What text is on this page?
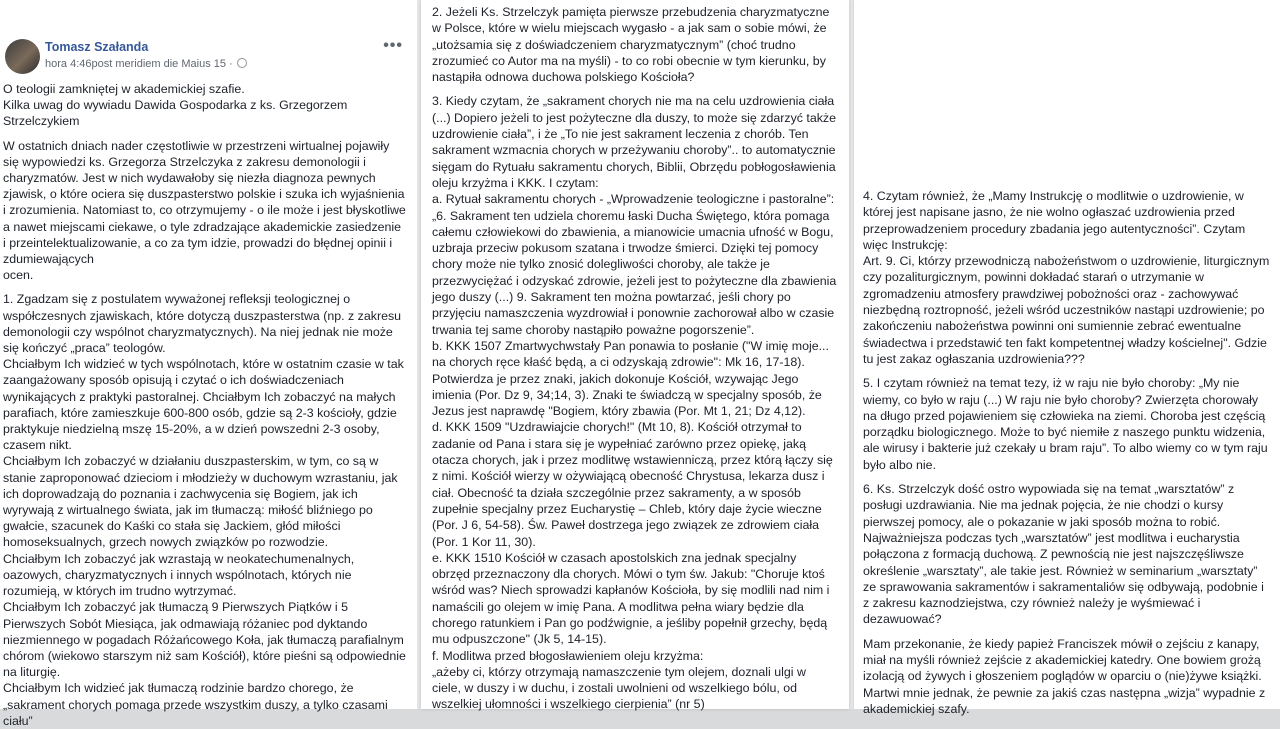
Tomasz Szałanda
hora 4:46post meridiem die Maius 15 ·
•••
O teologii zamkniętej w akademickiej szafie.
Kilka uwag do wywiadu Dawida Gospodarka z ks. Grzegorzem Strzelczykiem
W ostatnich dniach nader częstotliwie w przestrzeni wirtualnej pojawiły się wypowiedzi ks. Grzegorza Strzelczyka z zakresu demonologii i charyzmatów. Jest w nich wydawałoby się niezła diagnoza pewnych zjawisk, o które ociera się duszpasterstwo polskie i szuka ich wyjaśnienia i zrozumienia. Natomiast to, co otrzymujemy - o ile może i jest błyskotliwe a nawet miejscami ciekawe, o tyle zdradzające akademickie zasiedzenie i przeintelektualizowanie, a co za tym idzie, prowadzi do błędnej opinii i zdumiewających
ocen.
1. Zgadzam się z postulatem wyważonej refleksji teologicznej o współczesnych zjawiskach, które dotyczą duszpasterstwa (np. z zakresu demonologii czy wspólnot charyzmatycznych). Na niej jednak nie może się kończyć „praca” teologów.
Chciałbym Ich widzieć w tych wspólnotach, które w ostatnim czasie w tak zaangażowany sposób opisują i czytać o ich doświadczeniach wynikających z praktyki pastoralnej. Chciałbym Ich zobaczyć na małych parafiach, które zamieszkuje 600-800 osób, gdzie są 2-3 kościoły, gdzie praktykuje niedzielną mszę 15-20%, a w dzień powszedni 2-3 osoby, czasem nikt.
Chciałbym Ich zobaczyć w działaniu duszpasterskim, w tym, co są w stanie zaproponować dzieciom i młodzieży w duchowym wzrastaniu, jak ich doprowadzają do poznania i zachwycenia się Bogiem, jak ich wyrywają z wirtualnego świata, jak im tłumaczą: miłość bliźniego po gwałcie, szacunek do Kaśki co stała się Jackiem, głód miłości homoseksualnych, grzech nowych związków po rozwodzie.
Chciałbym Ich zobaczyć jak wzrastają w neokatechumenalnych, oazowych, charyzmatycznych i innych wspólnotach, których nie rozumieją, w których im trudno wytrzymać.
Chciałbym Ich zobaczyć jak tłumaczą 9 Pierwszych Piątków i 5 Pierwszych Sobót Miesiąca, jak odmawiają różaniec pod dyktando niezmiennego w pogadach Różańcowego Koła, jak tłumaczą parafialnym chórom (wiekowo starszym niż sam Kościół), które pieśni są odpowiednie na liturgię.
Chciałbym Ich widzieć jak tłumaczą rodzinie bardzo chorego, że „sakrament chorych pomaga przede wszystkim duszy, a tylko czasami ciału”
2. Jeżeli Ks. Strzelczyk pamięta pierwsze przebudzenia charyzmatyczne w Polsce, które w wielu miejscach wygasło - a jak sam o sobie mówi, że „utożsamia się z doświadczeniem charyzmatycznym” (choć trudno zrozumieć co Autor ma na myśli) - to co robi obecnie w tym kierunku, by nastąpiła odnowa duchowa polskiego Kościoła?
3. Kiedy czytam, że „sakrament chorych nie ma na celu uzdrowienia ciała (...) Dopiero jeżeli to jest pożyteczne dla duszy, to może się zdarzyć także uzdrowienie ciała”, i że „To nie jest sakrament leczenia z chorób. Ten sakrament wzmacnia chorych w przeżywaniu choroby”.. to automatycznie sięgam do Rytuału sakramentu chorych, Biblii, Obrzędu pobłogosławienia oleju krzyżma i KKK. I czytam:
a. Rytuał sakramentu chorych - „Wprowadzenie teologiczne i pastoralne”:
„6. Sakrament ten udziela choremu łaski Ducha Świętego, która pomaga całemu człowiekowi do zbawienia, a mianowicie umacnia ufność w Bogu, uzbraja przeciw pokusom szatana i trwodze śmierci. Dzięki tej pomocy chory może nie tylko znosić dolegliwości choroby, ale także je przezwyciężać i odzyskać zdrowie, jeżeli jest to pożyteczne dla zbawienia jego duszy (...) 9. Sakrament ten można powtarzać, jeśli chory po przyjęciu namaszczenia wyzdrowiał i ponownie zachorował albo w czasie trwania tej same choroby nastąpiło poważne pogorszenie”.
b. KKK 1507 Zmartwychwstały Pan ponawia to posłanie ("W imię moje... na chorych ręce kłaść będą, a ci odzyskają zdrowie": Mk 16, 17-18). Potwierdza je przez znaki, jakich dokonuje Kościół, wzywając Jego imienia (Por. Dz 9, 34;14, 3). Znaki te świadczą w specjalny sposób, że Jezus jest naprawdę "Bogiem, który zbawia (Por. Mt 1, 21; Dz 4,12).
d. KKK 1509 "Uzdrawiajcie chorych!" (Mt 10, 8). Kościół otrzymał to zadanie od Pana i stara się je wypełniać zarówno przez opiekę, jaką otacza chorych, jak i przez modlitwę wstawienniczą, przez którą łączy się z nimi. Kościół wierzy w ożywiającą obecność Chrystusa, lekarza dusz i ciał. Obecność ta działa szczególnie przez sakramenty, a w sposób zupełnie specjalny przez Eucharystię – Chleb, który daje życie wieczne (Por. J 6, 54-58). Św. Paweł dostrzega jego związek ze zdrowiem ciała (Por. 1 Kor 11, 30).
e. KKK 1510 Kościół w czasach apostolskich zna jednak specjalny obrzęd przeznaczony dla chorych. Mówi o tym św. Jakub: "Choruje ktoś wśród was? Niech sprowadzi kapłanów Kościoła, by się modlili nad nim i namaścili go olejem w imię Pana. A modlitwa pełna wiary będzie dla chorego ratunkiem i Pan go podźwignie, a jeśliby popełnił grzechy, będą mu odpuszczone" (Jk 5, 14-15).
f. Modlitwa przed błogosławieniem oleju krzyżma:
„ażeby ci, którzy otrzymają namaszczenie tym olejem, doznali ulgi w ciele, w duszy i w duchu, i zostali uwolnieni od wszelkiego bólu, od wszelkiej ułomności i wszelkiego cierpienia” (nr 5)
4. Czytam również, że „Mamy Instrukcję o modlitwie o uzdrowienie, w której jest napisane jasno, że nie wolno ogłaszać uzdrowienia przed przeprowadzeniem procedury zbadania jego autentyczności”. Czytam więc Instrukcję:
Art. 9. Ci, którzy przewodniczą nabożeństwom o uzdrowienie, liturgicznym czy pozaliturgicznym, powinni dokładać starań o utrzymanie w zgromadzeniu atmosfery prawdziwej pobożności oraz - zachowywać niezbędną roztropność, jeżeli wśród uczestników nastąpi uzdrowienie; po zakończeniu nabożeństwa powinni oni sumiennie zebrać ewentualne świadectwa i przedstawić ten fakt kompetentnej władzy kościelnej". Gdzie tu jest zakaz ogłaszania uzdrowienia???
5. I czytam również na temat tezy, iż w raju nie było choroby: „My nie wiemy, co było w raju (...) W raju nie było choroby? Zwierzęta chorowały na długo przed pojawieniem się człowieka na ziemi. Choroba jest częścią porządku biologicznego. Może to być niemiłe z naszego punktu widzenia, ale wirusy i bakterie już czekały u bram raju”. To albo wiemy co w tym raju było albo nie.
6. Ks. Strzelczyk dość ostro wypowiada się na temat „warsztatów” z posługi uzdrawiania. Nie ma jednak pojęcia, że nie chodzi o kursy pierwszej pomocy, ale o pokazanie w jaki sposób można to robić. Najważniejsza podczas tych „warsztatów” jest modlitwa i eucharystia połączona z formacją duchową. Z pewnością nie jest najszczęśliwsze określenie „warsztaty”, ale takie jest. Również w seminarium „warsztaty” ze sprawowania sakramentów i sakramentaliów się odbywają, podobnie i z zakresu kaznodziejstwa, czy również należy je wyśmiewać i dezawuować?
Mam przekonanie, że kiedy papież Franciszek mówił o zejściu z kanapy, miał na myśli również zejście z akademickiej katedry. One bowiem grożą izolacją od żywych i głoszeniem poglądów w oparciu o (nie)żywe książki. Martwi mnie jednak, że pewnie za jakiś czas następna „wizja” wypadnie z akademickiej szafy.
